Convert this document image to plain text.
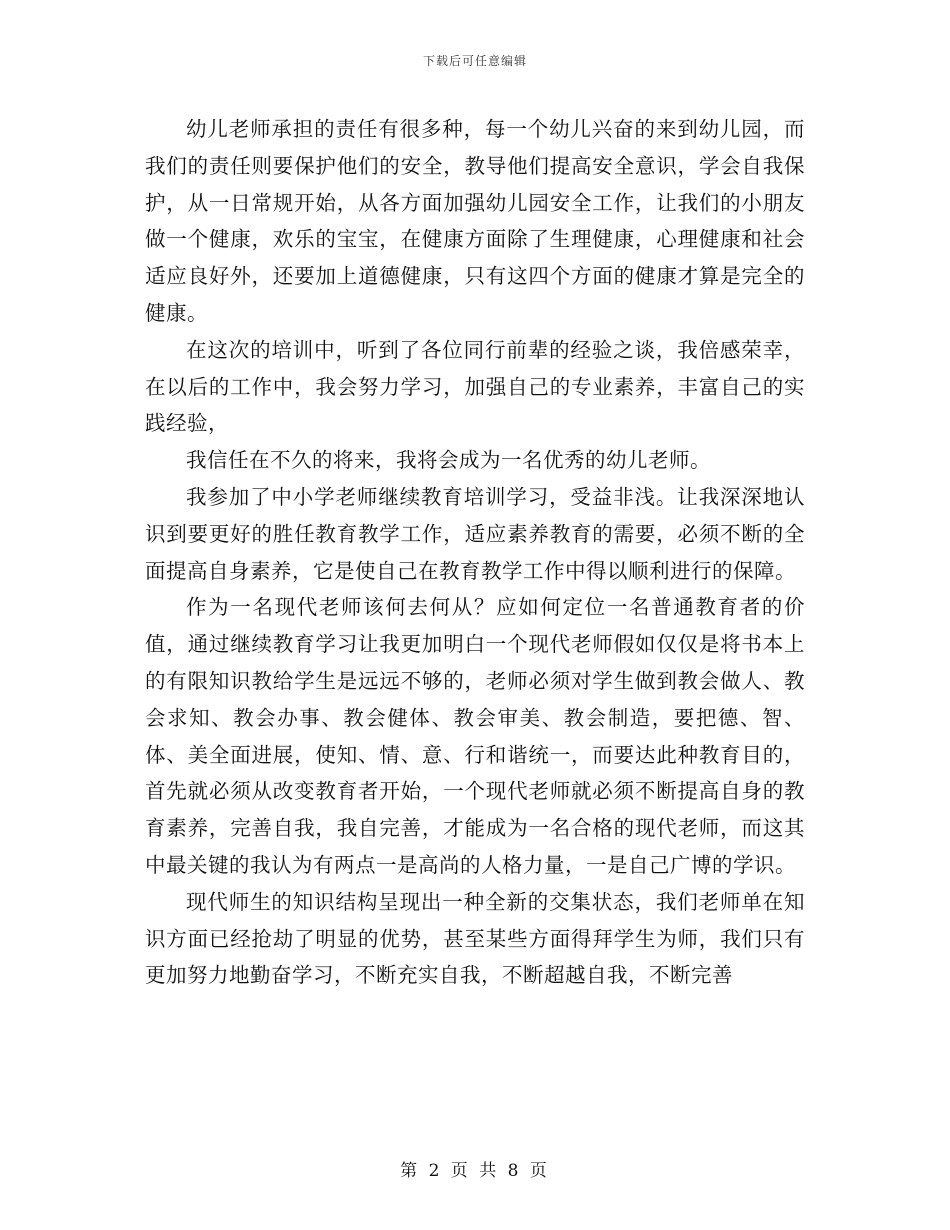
下载后可任意编辑

幼儿老师承担的责任有很多种，每一个幼儿兴奋的来到幼儿园，而我们的责任则要保护他们的安全，教导他们提高安全意识，学会自我保护，从一日常规开始，从各方面加强幼儿园安全工作，让我们的小朋友做一个健康，欢乐的宝宝，在健康方面除了生理健康，心理健康和社会适应良好外，还要加上道德健康，只有这四个方面的健康才算是完全的健康。

在这次的培训中，听到了各位同行前辈的经验之谈，我倍感荣幸，在以后的工作中，我会努力学习，加强自己的专业素养，丰富自己的实践经验，

我信任在不久的将来，我将会成为一名优秀的幼儿老师。

我参加了中小学老师继续教育培训学习，受益非浅。让我深深地认识到要更好的胜任教育教学工作，适应素养教育的需要，必须不断的全面提高自身素养，它是使自己在教育教学工作中得以顺利进行的保障。

作为一名现代老师该何去何从？应如何定位一名普通教育者的价值，通过继续教育学习让我更加明白一个现代老师假如仅仅是将书本上的有限知识教给学生是远远不够的，老师必须对学生做到教会做人、教会求知、教会办事、教会健体、教会审美、教会制造，要把德、智、体、美全面进展，使知、情、意、行和谐统一，而要达此种教育目的，首先就必须从改变教育者开始，一个现代老师就必须不断提高自身的教育素养，完善自我，我自完善，才能成为一名合格的现代老师，而这其中最关键的我认为有两点一是高尚的人格力量，一是自己广博的学识。

现代师生的知识结构呈现出一种全新的交集状态，我们老师单在知识方面已经抢劫了明显的优势，甚至某些方面得拜学生为师，我们只有更加努力地勤奋学习，不断充实自我，不断超越自我，不断完善

第 2 页 共 8 页
